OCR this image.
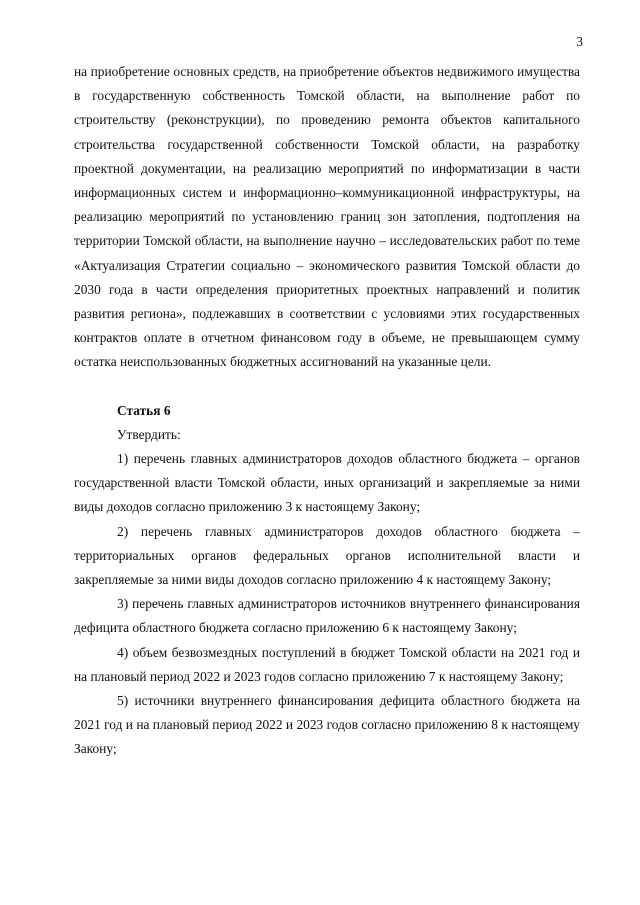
3

на приобретение основных средств, на приобретение объектов недвижимого имущества в государственную собственность Томской области, на выполнение работ по строительству (реконструкции), по проведению ремонта объектов капитального строительства государственной собственности Томской области, на разработку проектной документации, на реализацию мероприятий по информатизации в части информационных систем и информационно–коммуникационной инфраструктуры, на реализацию мероприятий по установлению границ зон затопления, подтопления на территории Томской области, на выполнение научно – исследовательских работ по теме «Актуализация Стратегии социально – экономического развития Томской области до 2030 года в части определения приоритетных проектных направлений и политик развития региона», подлежавших в соответствии с условиями этих государственных контрактов оплате в отчетном финансовом году в объеме, не превышающем сумму остатка неиспользованных бюджетных ассигнований на указанные цели.

Статья 6

Утвердить:

1) перечень главных администраторов доходов областного бюджета – органов государственной власти Томской области, иных организаций и закрепляемые за ними виды доходов согласно приложению 3 к настоящему Закону;

2) перечень главных администраторов доходов областного бюджета – территориальных органов федеральных органов исполнительной власти и закрепляемые за ними виды доходов согласно приложению 4 к настоящему Закону;

3) перечень главных администраторов источников внутреннего финансирования дефицита областного бюджета согласно приложению 6 к настоящему Закону;

4) объем безвозмездных поступлений в бюджет Томской области на 2021 год и на плановый период 2022 и 2023 годов согласно приложению 7 к настоящему Закону;

5) источники внутреннего финансирования дефицита областного бюджета на 2021 год и на плановый период 2022 и 2023 годов согласно приложению 8 к настоящему Закону;
